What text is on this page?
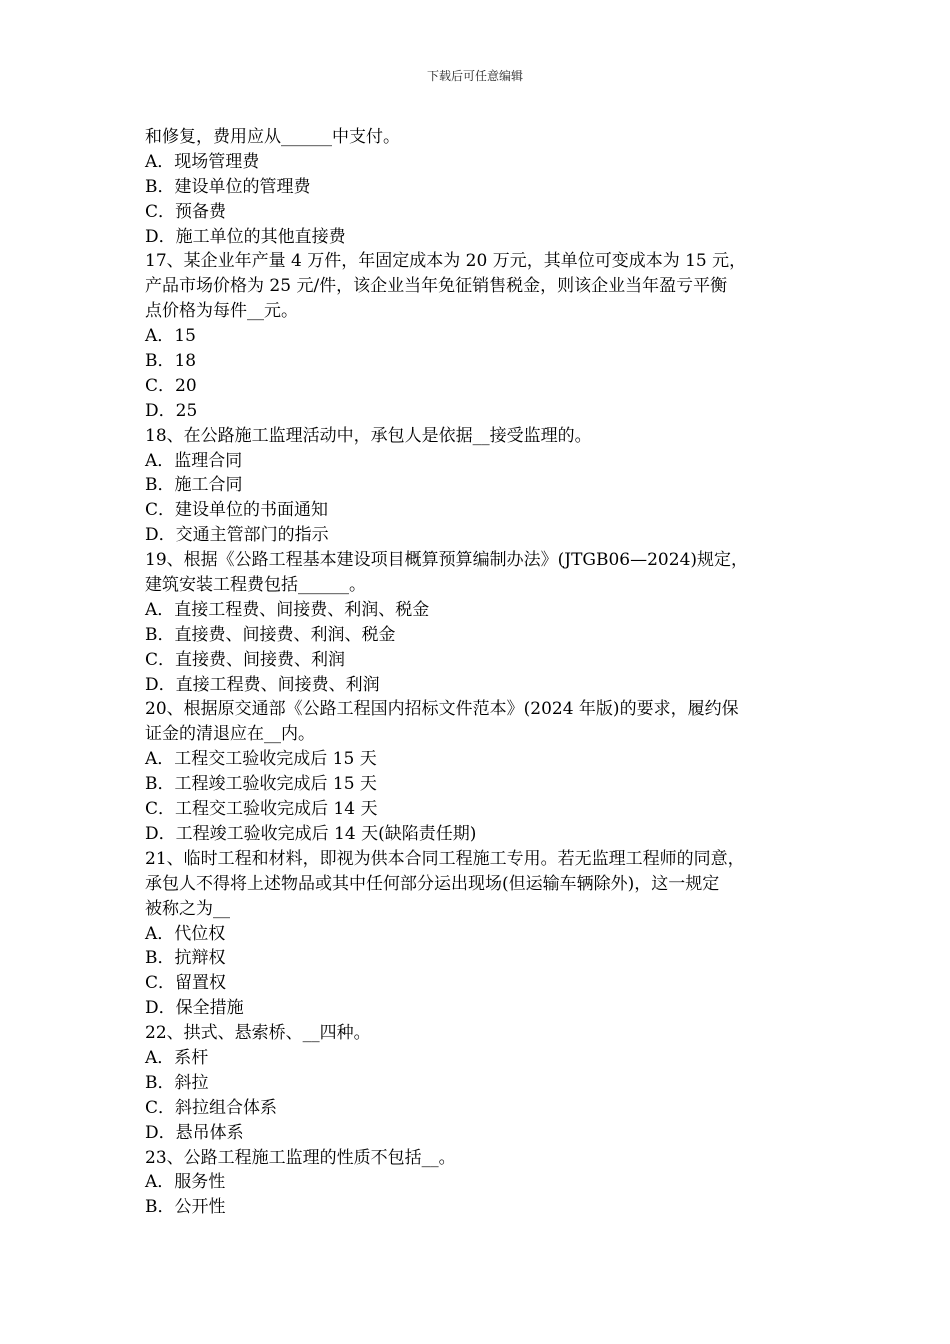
下载后可任意编辑
和修复，费用应从______中支付。
A．现场管理费
B．建设单位的管理费
C．预备费
D．施工单位的其他直接费
17、某企业年产量 4 万件，年固定成本为 20 万元，其单位可变成本为 15 元，
产品市场价格为 25 元/件，该企业当年免征销售税金，则该企业当年盈亏平衡
点价格为每件__元。
A．15
B．18
C．20
D．25
18、在公路施工监理活动中，承包人是依据__接受监理的。
A．监理合同
B．施工合同
C．建设单位的书面通知
D．交通主管部门的指示
19、根据《公路工程基本建设项目概算预算编制办法》(JTGB06—2024)规定，
建筑安装工程费包括______。
A．直接工程费、间接费、利润、税金
B．直接费、间接费、利润、税金
C．直接费、间接费、利润
D．直接工程费、间接费、利润
20、根据原交通部《公路工程国内招标文件范本》(2024 年版)的要求，履约保
证金的清退应在__内。
A．工程交工验收完成后 15 天
B．工程竣工验收完成后 15 天
C．工程交工验收完成后 14 天
D．工程竣工验收完成后 14 天(缺陷责任期)
21、临时工程和材料，即视为供本合同工程施工专用。若无监理工程师的同意，
承包人不得将上述物品或其中任何部分运出现场(但运输车辆除外)，这一规定
被称之为__
A．代位权
B．抗辩权
C．留置权
D．保全措施
22、拱式、悬索桥、__四种。
A．系杆
B．斜拉
C．斜拉组合体系
D．悬吊体系
23、公路工程施工监理的性质不包括__。
A．服务性
B．公开性
